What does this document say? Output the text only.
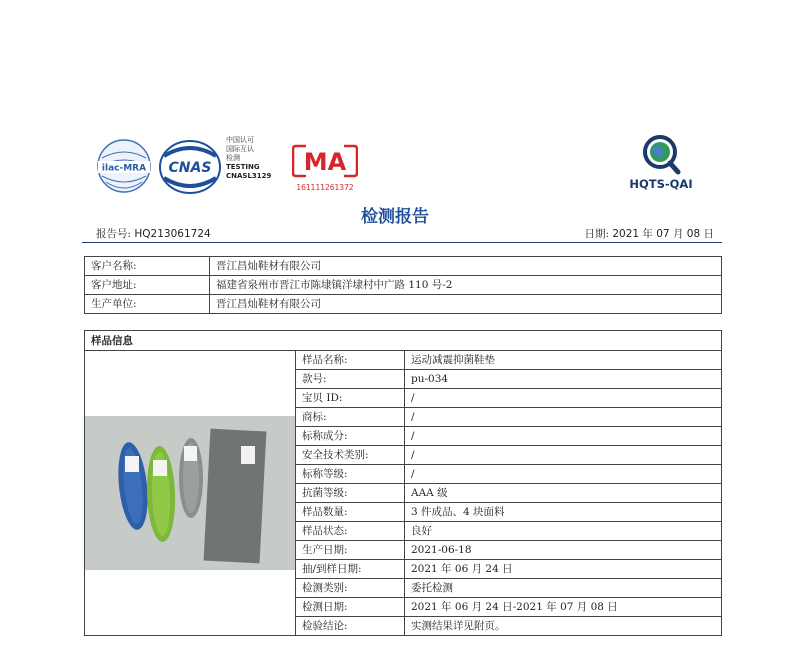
ilac-MRA CNAS
中国认可
国际互认
检测
TESTING
CNASL3129 MA
161111261372	HQTS-QAI
检测报告
报告号: HQ213061724	日期: 2021 年 07 月 08 日
客户名称:	晋江昌灿鞋材有限公司
客户地址:	福建省泉州市晋江市陈埭镇洋埭村中广路 110 号-2
生产单位:	晋江昌灿鞋材有限公司
样品信息
	样品名称:	运动减震抑菌鞋垫
	款号:	pu-034
	宝贝 ID:	/
	商标:	/
	标称成分:	/
	安全技术类别:	/
	标称等级:	/
	抗菌等级:	AAA 级
	样品数量:	3 件成品、4 块面料
	样品状态:	良好
	生产日期:	2021-06-18
	抽/到样日期:	2021 年 06 月 24 日
	检测类别:	委托检测
	检测日期:	2021 年 06 月 24 日-2021 年 07 月 08 日
	检验结论:	实测结果详见附页。
